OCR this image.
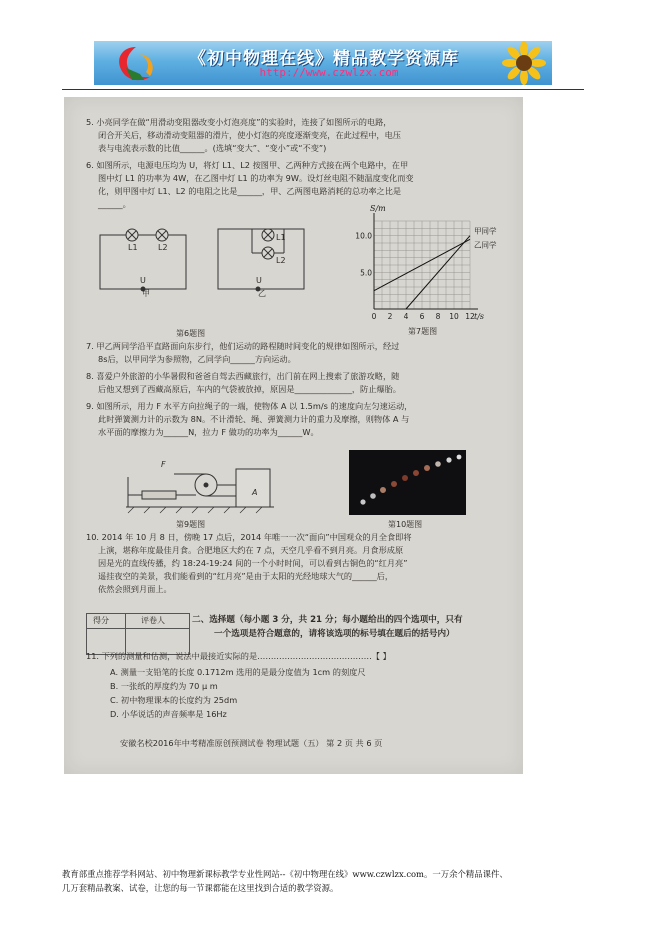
《初中物理在线》精品教学资源库
http://www.czwlzx.com
5. 小亮同学在做“用滑动变阻器改变小灯泡亮度”的实验时，连接了如图所示的电路，
闭合开关后，移动滑动变阻器的滑片，使小灯泡的亮度逐渐变亮，在此过程中，电压
表与电流表示数的比值______。(选填“变大”、“变小”或“不变”)
6. 如图所示，电源电压均为 U，将灯 L1、L2 按图甲、乙两种方式接在两个电路中，在甲
图中灯 L1 的功率为 4W，在乙图中灯 L1 的功率为 9W。设灯丝电阻不随温度变化而变
化，则甲图中灯 L1、L2 的电阻之比是______，甲、乙两图电路消耗的总功率之比是
______。
L1	L2
U
甲
L1
L2
U
乙
第6题图
S/m
t/s
0 2 4 6 8 10 12
5.0
10.0
甲同学
乙同学
第7题图
7. 甲乙两同学沿平直路面向东步行，他们运动的路程随时间变化的规律如图所示，经过
8s后，以甲同学为参照物，乙同学向______方向运动。
8. 喜爱户外旅游的小华暑假和爸爸自驾去西藏旅行，出门前在网上搜索了旅游攻略，随
后他又想到了西藏高原后，车内的气袋被放掉，原因是______________，防止爆胎。
9. 如图所示，用力 F 水平方向拉绳子的一端，使物体 A 以 1.5m/s 的速度向左匀速运动，
此时弹簧测力计的示数为 8N。不计滑轮、绳、弹簧测力计的重力及摩擦，则物体 A 与
水平面的摩擦力为______N，拉力 F 做功的功率为______W。
F
A
第9题图	第10题图
10. 2014 年 10 月 8 日，傍晚 17 点后，2014 年唯一一次“面向”中国观众的月全食即将
上演，堪称年度最佳月食。合肥地区大约在 7 点，天空几乎看不到月亮。月食形成原
因是光的直线传播，约 18:24-19:24 间的一个小时时间，可以看到古铜色的“红月亮”
遥挂夜空的美景，我们能看到的“红月亮”是由于太阳的光经地球大气的______后，
依然会照到月面上。
得分	评卷人	二、选择题（每小题 3 分，共 21 分；每小题给出的四个选项中，只有
一个选项是符合题意的，请将该选项的标号填在题后的括号内）
11. 下列的测量和估测，说法中最接近实际的是……………………………………【 】
A. 测量一支铅笔的长度 0.1712m 选用的是最分度值为 1cm 的刻度尺
B. 一张纸的厚度约为 70 μ m
C. 初中物理课本的长度约为 25dm
D. 小华说话的声音频率是 16Hz
安徽名校2016年中考精准原创预测试卷 物理试题（五） 第 2 页 共 6 页
教育部重点推荐学科网站、初中物理新课标教学专业性网站--《初中物理在线》www.czwlzx.com。一万余个精品课件、
几万套精品教案、试卷，让您的每一节课都能在这里找到合适的教学资源。
